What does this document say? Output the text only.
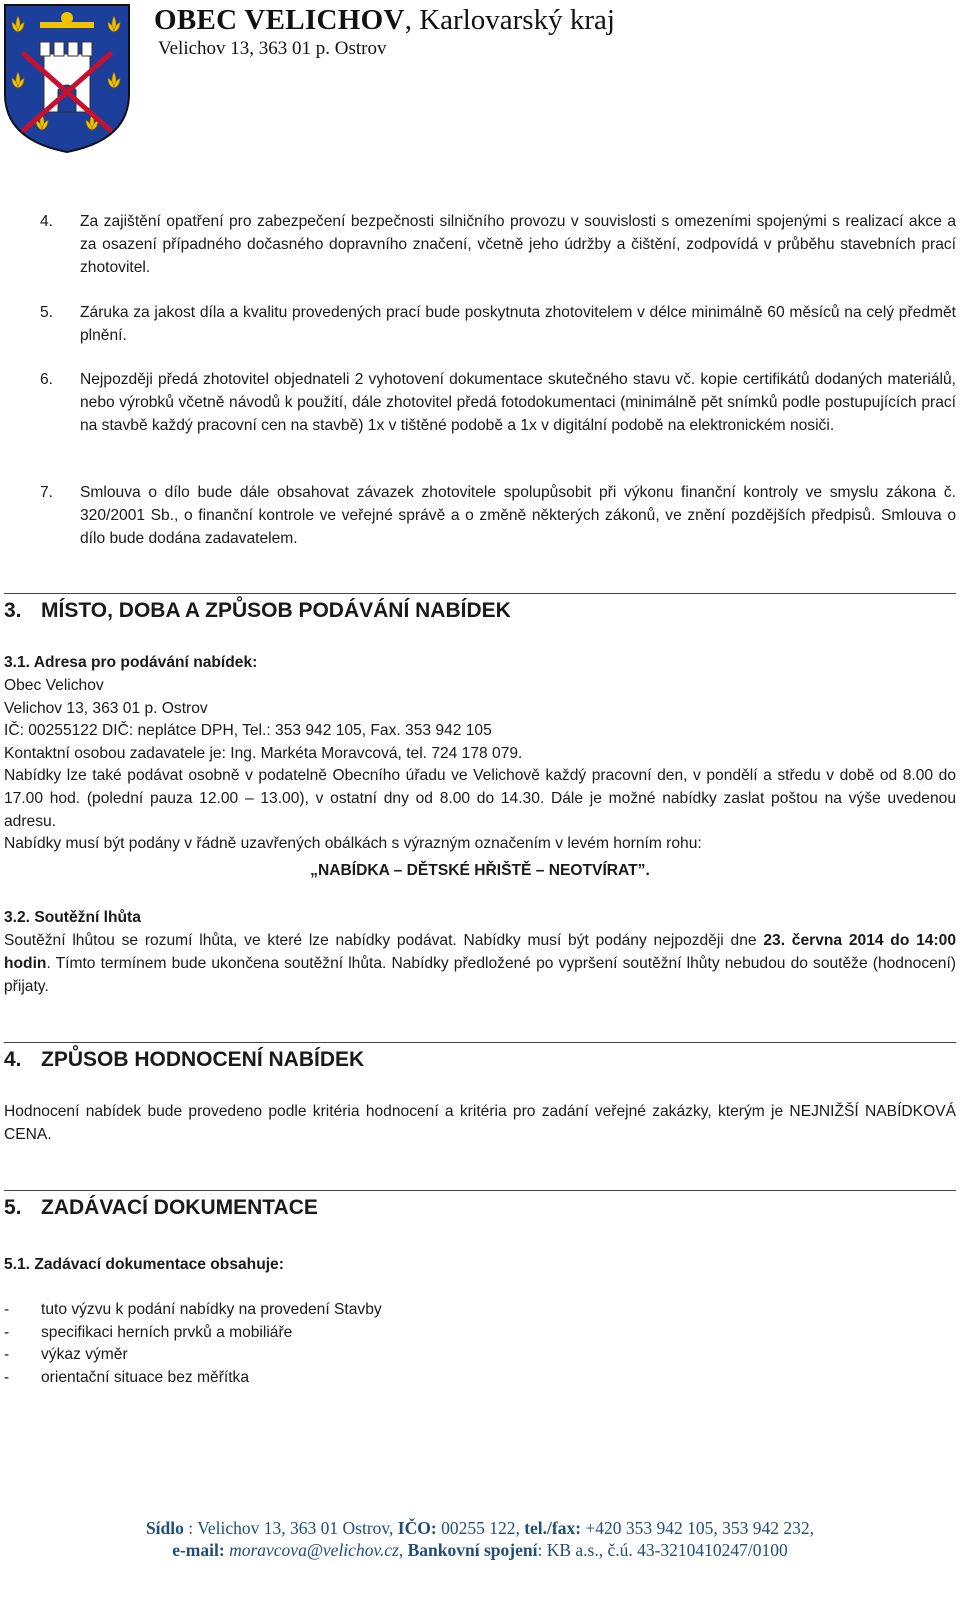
OBEC VELICHOV, Karlovarský kraj
Velichov 13, 363 01 p. Ostrov
4. Za zajištění opatření pro zabezpečení bezpečnosti silničního provozu v souvislosti s omezeními spojenými s realizací akce a za osazení případného dočasného dopravního značení, včetně jeho údržby a čištění, zodpovídá v průběhu stavebních prací zhotovitel.
5. Záruka za jakost díla a kvalitu provedených prací bude poskytnuta zhotovitelem v délce minimálně 60 měsíců na celý předmět plnění.
6. Nejpozději předá zhotovitel objednateli 2 vyhotovení dokumentace skutečného stavu vč. kopie certifikátů dodaných materiálů, nebo výrobků včetně návodů k použití, dále zhotovitel předá fotodokumentaci (minimálně pět snímků podle postupujících prací na stavbě každý pracovní cen na stavbě) 1x v tištěné podobě a 1x v digitální podobě na elektronickém nosiči.
7. Smlouva o dílo bude dále obsahovat závazek zhotovitele spolupůsobit při výkonu finanční kontroly ve smyslu zákona č. 320/2001 Sb., o finanční kontrole ve veřejné správě a o změně některých zákonů, ve znění pozdějších předpisů. Smlouva o dílo bude dodána zadavatelem.
3. MÍSTO, DOBA A ZPŮSOB PODÁVÁNÍ NABÍDEK
3.1. Adresa pro podávání nabídek:
Obec Velichov
Velichov 13, 363 01 p. Ostrov
IČ: 00255122 DIČ: neplátce DPH, Tel.: 353 942 105, Fax. 353 942 105
Kontaktní osobou zadavatele je: Ing. Markéta Moravcová, tel. 724 178 079.
Nabídky lze také podávat osobně v podatelně Obecního úřadu ve Velichově každý pracovní den, v pondělí a středu v době od 8.00 do 17.00 hod. (polední pauza 12.00 – 13.00), v ostatní dny od 8.00 do 14.30. Dále je možné nabídky zaslat poštou na výše uvedenou adresu.
Nabídky musí být podány v řádně uzavřených obálkách s výrazným označením v levém horním rohu:
„NABÍDKA – DĚTSKÉ HŘIŠTĚ – NEOTVÍRAT”.
3.2. Soutěžní lhůta
Soutěžní lhůtou se rozumí lhůta, ve které lze nabídky podávat. Nabídky musí být podány nejpozději dne 23. června 2014 do 14:00 hodin. Tímto termínem bude ukončena soutěžní lhůta. Nabídky předložené po vypršení soutěžní lhůty nebudou do soutěže (hodnocení) přijaty.
4. ZPŮSOB HODNOCENÍ NABÍDEK
Hodnocení nabídek bude provedeno podle kritéria hodnocení a kritéria pro zadání veřejné zakázky, kterým je NEJNIŽŠÍ NABÍDKOVÁ CENA.
5. ZADÁVACÍ DOKUMENTACE
5.1. Zadávací dokumentace obsahuje:
- tuto výzvu k podání nabídky na provedení Stavby
- specifikaci herních prvků a mobiliáře
- výkaz výměr
- orientační situace bez měřítka
Sídlo : Velichov 13, 363 01 Ostrov, IČO: 00255 122, tel./fax: +420 353 942 105, 353 942 232,
e-mail: moravcova@velichov.cz, Bankovní spojení: KB a.s., č.ú. 43-3210410247/0100
